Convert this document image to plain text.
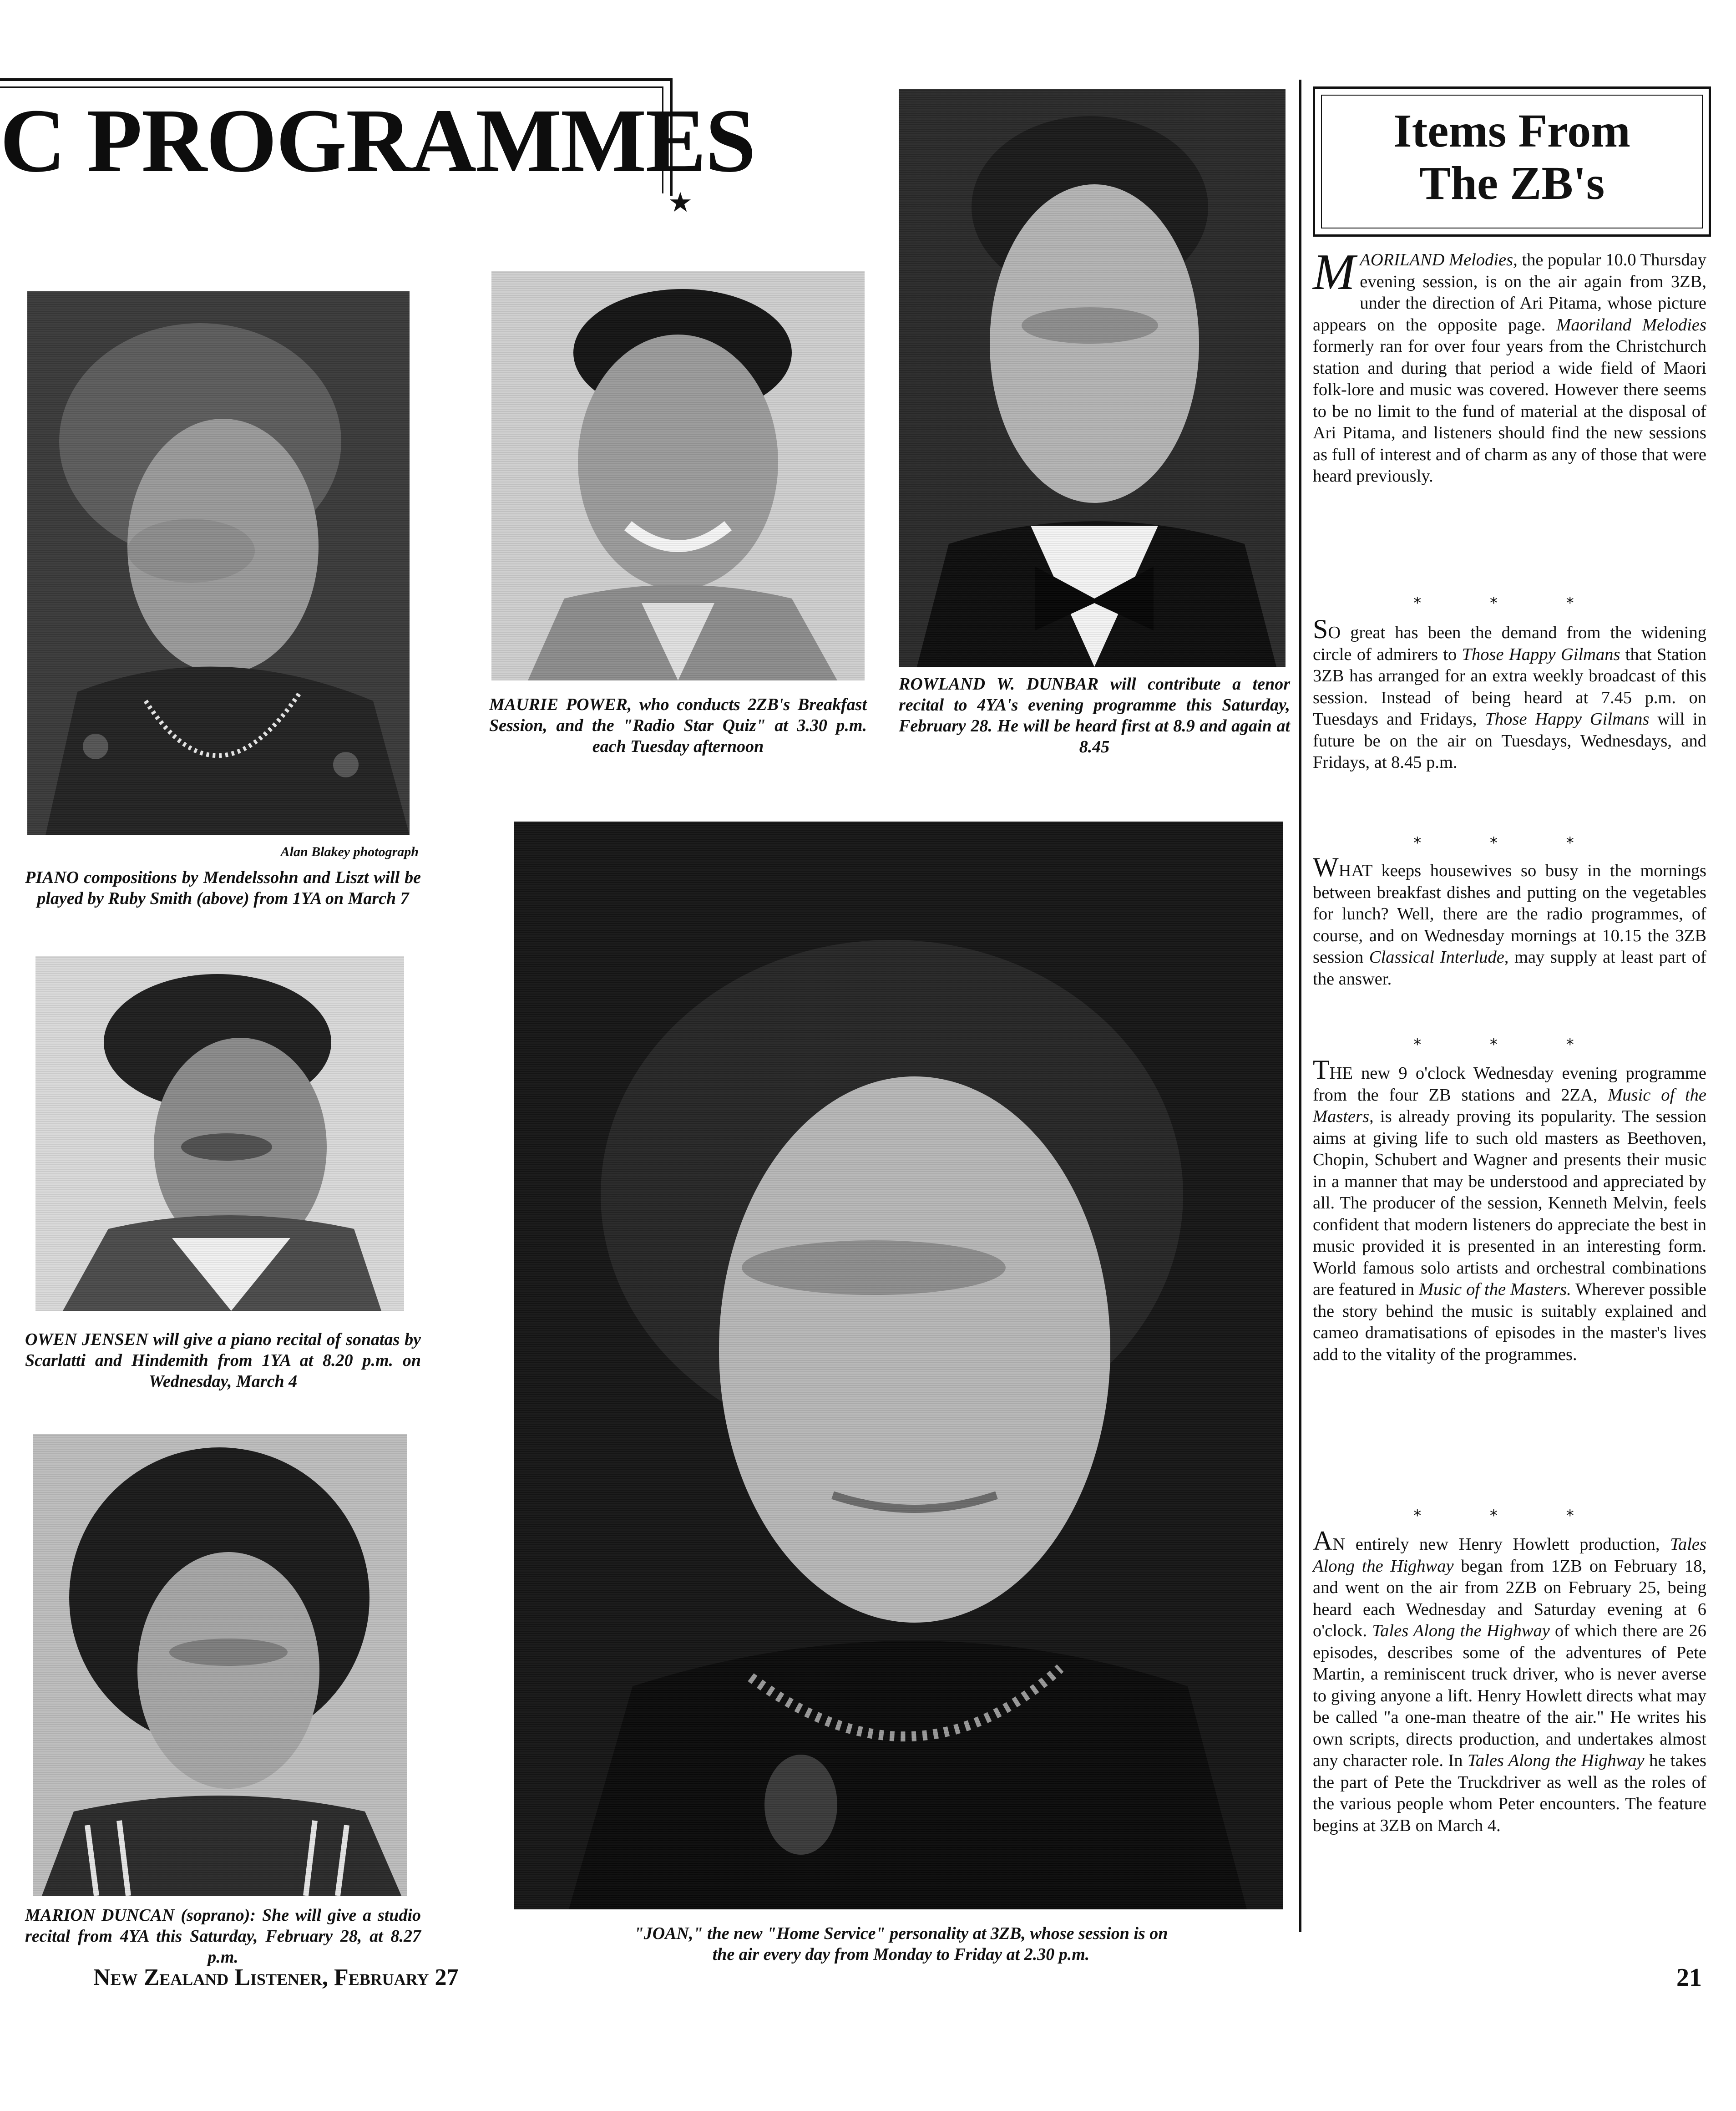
C PROGRAMMES
★
Alan Blakey photograph
PIANO compositions by Mendelssohn and Liszt will be played by Ruby Smith (above) from 1YA on March 7
OWEN JENSEN will give a piano recital of sonatas by Scarlatti and Hindemith from 1YA at 8.20 p.m. on Wednesday, March 4
MARION DUNCAN (soprano): She will give a studio recital from 4YA this Saturday, February 28, at 8.27 p.m.
MAURIE POWER, who conducts 2ZB's Breakfast Session, and the "Radio Star Quiz" at 3.30 p.m. each Tuesday afternoon
ROWLAND W. DUNBAR will contribute a tenor recital to 4YA's evening programme this Saturday, February 28. He will be heard first at 8.9 and again at 8.45
"JOAN," the new "Home Service" personality at 3ZB, whose session is on
the air every day from Monday to Friday at 2.30 p.m.
Items From
The ZB's
MAORILAND Melodies, the popular 10.0 Thursday evening session, is on the air again from 3ZB, under the direction of Ari Pitama, whose picture appears on the opposite page. Maoriland Melodies formerly ran for over four years from the Christchurch station and during that period a wide field of Maori folk-lore and music was covered. However there seems to be no limit to the fund of material at the disposal of Ari Pitama, and listeners should find the new sessions as full of interest and of charm as any of those that were heard previously.
* * *
SO great has been the demand from the widening circle of admirers to Those Happy Gilmans that Station 3ZB has arranged for an extra weekly broadcast of this session. Instead of being heard at 7.45 p.m. on Tuesdays and Fridays, Those Happy Gilmans will in future be on the air on Tuesdays, Wednesdays, and Fridays, at 8.45 p.m.
* * *
WHAT keeps housewives so busy in the mornings between breakfast dishes and putting on the vegetables for lunch? Well, there are the radio programmes, of course, and on Wednesday mornings at 10.15 the 3ZB session Classical Interlude, may supply at least part of the answer.
* * *
THE new 9 o'clock Wednesday evening programme from the four ZB stations and 2ZA, Music of the Masters, is already proving its popularity. The session aims at giving life to such old masters as Beethoven, Chopin, Schubert and Wagner and presents their music in a manner that may be understood and appreciated by all. The producer of the session, Kenneth Melvin, feels confident that modern listeners do appreciate the best in music provided it is presented in an interesting form. World famous solo artists and orchestral combinations are featured in Music of the Masters. Wherever possible the story behind the music is suitably explained and cameo dramatisations of episodes in the master's lives add to the vitality of the programmes.
* * *
AN entirely new Henry Howlett production, Tales Along the Highway began from 1ZB on February 18, and went on the air from 2ZB on February 25, being heard each Wednesday and Saturday evening at 6 o'clock. Tales Along the Highway of which there are 26 episodes, describes some of the adventures of Pete Martin, a reminiscent truck driver, who is never averse to giving anyone a lift. Henry Howlett directs what may be called "a one-man theatre of the air." He writes his own scripts, directs production, and undertakes almost any character role. In Tales Along the Highway he takes the part of Pete the Truckdriver as well as the roles of the various people whom Peter encounters. The feature begins at 3ZB on March 4.
New Zealand Listener, February 27	21
